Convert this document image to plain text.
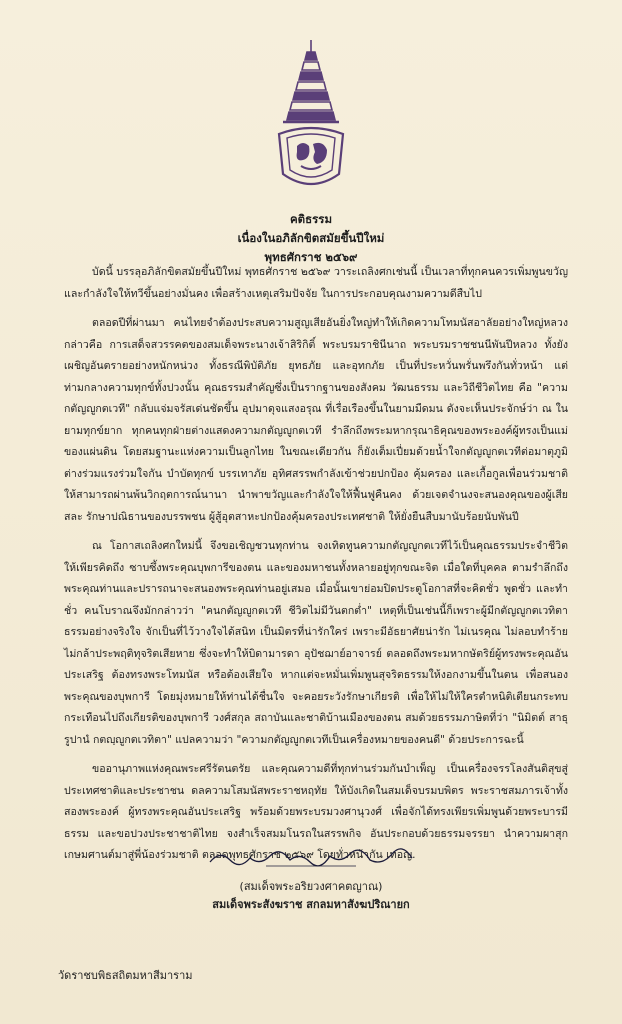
คติธรรม
เนื่องในอภิลักขิตสมัยขึ้นปีใหม่
พุทธศักราช ๒๕๖๙

บัดนี้ บรรลุอภิลักขิตสมัยขึ้นปีใหม่ พุทธศักราช ๒๕๖๙ วาระเถลิงศกเช่นนี้ เป็นเวลาที่ทุกคนควรเพิ่มพูนขวัญและกำลังใจให้ทวีขึ้นอย่างมั่นคง เพื่อสร้างเหตุเสริมปัจจัย ในการประกอบคุณงามความดีสืบไป

ตลอดปีที่ผ่านมา คนไทยจำต้องประสบความสูญเสียอันยิ่งใหญ่ทำให้เกิดความโทมนัสอาลัยอย่างใหญ่หลวง กล่าวคือ การเสด็จสวรรคตของสมเด็จพระนางเจ้าสิริกิติ์ พระบรมราชินีนาถ พระบรมราชชนนีพันปีหลวง ทั้งยังเผชิญอันตรายอย่างหนักหน่วง ทั้งธรณีพิบัติภัย ยุทธภัย และอุทกภัย เป็นที่ประหวั่นพรั่นพรึงกันทั่วหน้า แต่ท่ามกลางความทุกข์ทั้งปวงนั้น คุณธรรมสำคัญซึ่งเป็นรากฐานของสังคม วัฒนธรรม และวิถีชีวิตไทย คือ "ความกตัญญูกตเวที" กลับแจ่มจรัสเด่นชัดขึ้น อุปมาดุจแสงอรุณ ที่เรื่อเรืองขึ้นในยามมืดมน ดังจะเห็นประจักษ์ว่า ณ ในยามทุกข์ยาก ทุกคนทุกฝ่ายต่างแสดงความกตัญญูกตเวที รำลึกถึงพระมหากรุณาธิคุณของพระองค์ผู้ทรงเป็นแม่ของแผ่นดิน โดยสมฐานะแห่งความเป็นลูกไทย ในขณะเดียวกัน ก็ยังเต็มเปี่ยมด้วยน้ำใจกตัญญูกตเวทีต่อมาตุภูมิ ต่างร่วมแรงร่วมใจกัน บำบัดทุกข์ บรรเทาภัย อุทิศสรรพกำลังเข้าช่วยปกป้อง คุ้มครอง และเกื้อกูลเพื่อนร่วมชาติ ให้สามารถผ่านพ้นวิกฤตการณ์นานา นำพาขวัญและกำลังใจให้ฟื้นฟูคืนคง ด้วยเจตจำนงจะสนองคุณของผู้เสียสละ รักษาปณิธานของบรรพชน ผู้สู้อุตสาหะปกป้องคุ้มครองประเทศชาติ ให้ยั่งยืนสืบมานับร้อยนับพันปี

ณ โอกาสเถลิงศกใหม่นี้ จึงขอเชิญชวนทุกท่าน จงเทิดทูนความกตัญญูกตเวทีไว้เป็นคุณธรรมประจำชีวิต ให้เพียรคิดถึง ซาบซึ้งพระคุณบุพการีของตน และของมหาชนทั้งหลายอยู่ทุกขณะจิต เมื่อใดที่บุคคล ตามรำลึกถึงพระคุณท่านและปรารถนาจะสนองพระคุณท่านอยู่เสมอ เมื่อนั้นเขาย่อมปิดประตูโอกาสที่จะคิดชั่ว พูดชั่ว และทำชั่ว คนโบราณจึงมักกล่าวว่า "คนกตัญญูกตเวที ชีวิตไม่มีวันตกต่ำ" เหตุที่เป็นเช่นนี้ก็เพราะผู้มีกตัญญูกตเวทิตาธรรมอย่างจริงใจ จักเป็นที่ไว้วางใจได้สนิท เป็นมิตรที่น่ารักใคร่ เพราะมีอัธยาศัยน่ารัก ไม่เนรคุณ ไม่ลอบทำร้าย ไม่กล้าประพฤติทุจริตเสียหาย ซึ่งจะทำให้บิดามารดา อุปัชฌาย์อาจารย์ ตลอดถึงพระมหากษัตริย์ผู้ทรงพระคุณอันประเสริฐ ต้องทรงพระโทมนัส หรือต้องเสียใจ หากแต่จะหมั่นเพิ่มพูนสุจริตธรรมให้งอกงามขึ้นในตน เพื่อสนองพระคุณของบุพการี โดยมุ่งหมายให้ท่านได้ชื่นใจ จะคอยระวังรักษาเกียรติ เพื่อให้ไม่ให้ใครตำหนิติเตียนกระทบกระเทือนไปถึงเกียรติของบุพการี วงศ์สกุล สถาบันและชาติบ้านเมืองของตน สมด้วยธรรมภาษิตที่ว่า "นิมิตต์ สาธุรูปานํ กตญฺญูกตเวทิตา" แปลความว่า "ความกตัญญูกตเวทีเป็นเครื่องหมายของคนดี" ด้วยประการฉะนี้

ขออานุภาพแห่งคุณพระศรีรัตนตรัย และคุณความดีที่ทุกท่านร่วมกันบำเพ็ญ เป็นเครื่องจรรโลงสันติสุขสู่ประเทศชาติและประชาชน ดลความโสมนัสพระราชหฤทัย ให้บังเกิดในสมเด็จบรมบพิตร พระราชสมภารเจ้าทั้งสองพระองค์ ผู้ทรงพระคุณอันประเสริฐ พร้อมด้วยพระบรมวงศานุวงศ์ เพื่อจักได้ทรงเพียรเพิ่มพูนด้วยพระบารมีธรรม และขอปวงประชาชาติไทย จงสำเร็จสมมโนรถในสรรพกิจ อันประกอบด้วยธรรมจรรยา นำความผาสุกเกษมศานต์มาสู่พี่น้องร่วมชาติ ตลอดพุทธศักราช ๒๕๖๙ โดยทั่วหน้ากัน เทอญ.

(สมเด็จพระอริยวงศาคตญาณ)
สมเด็จพระสังฆราช สกลมหาสังฆปริณายก
วัดราชบพิธสถิตมหาสีมาราม
